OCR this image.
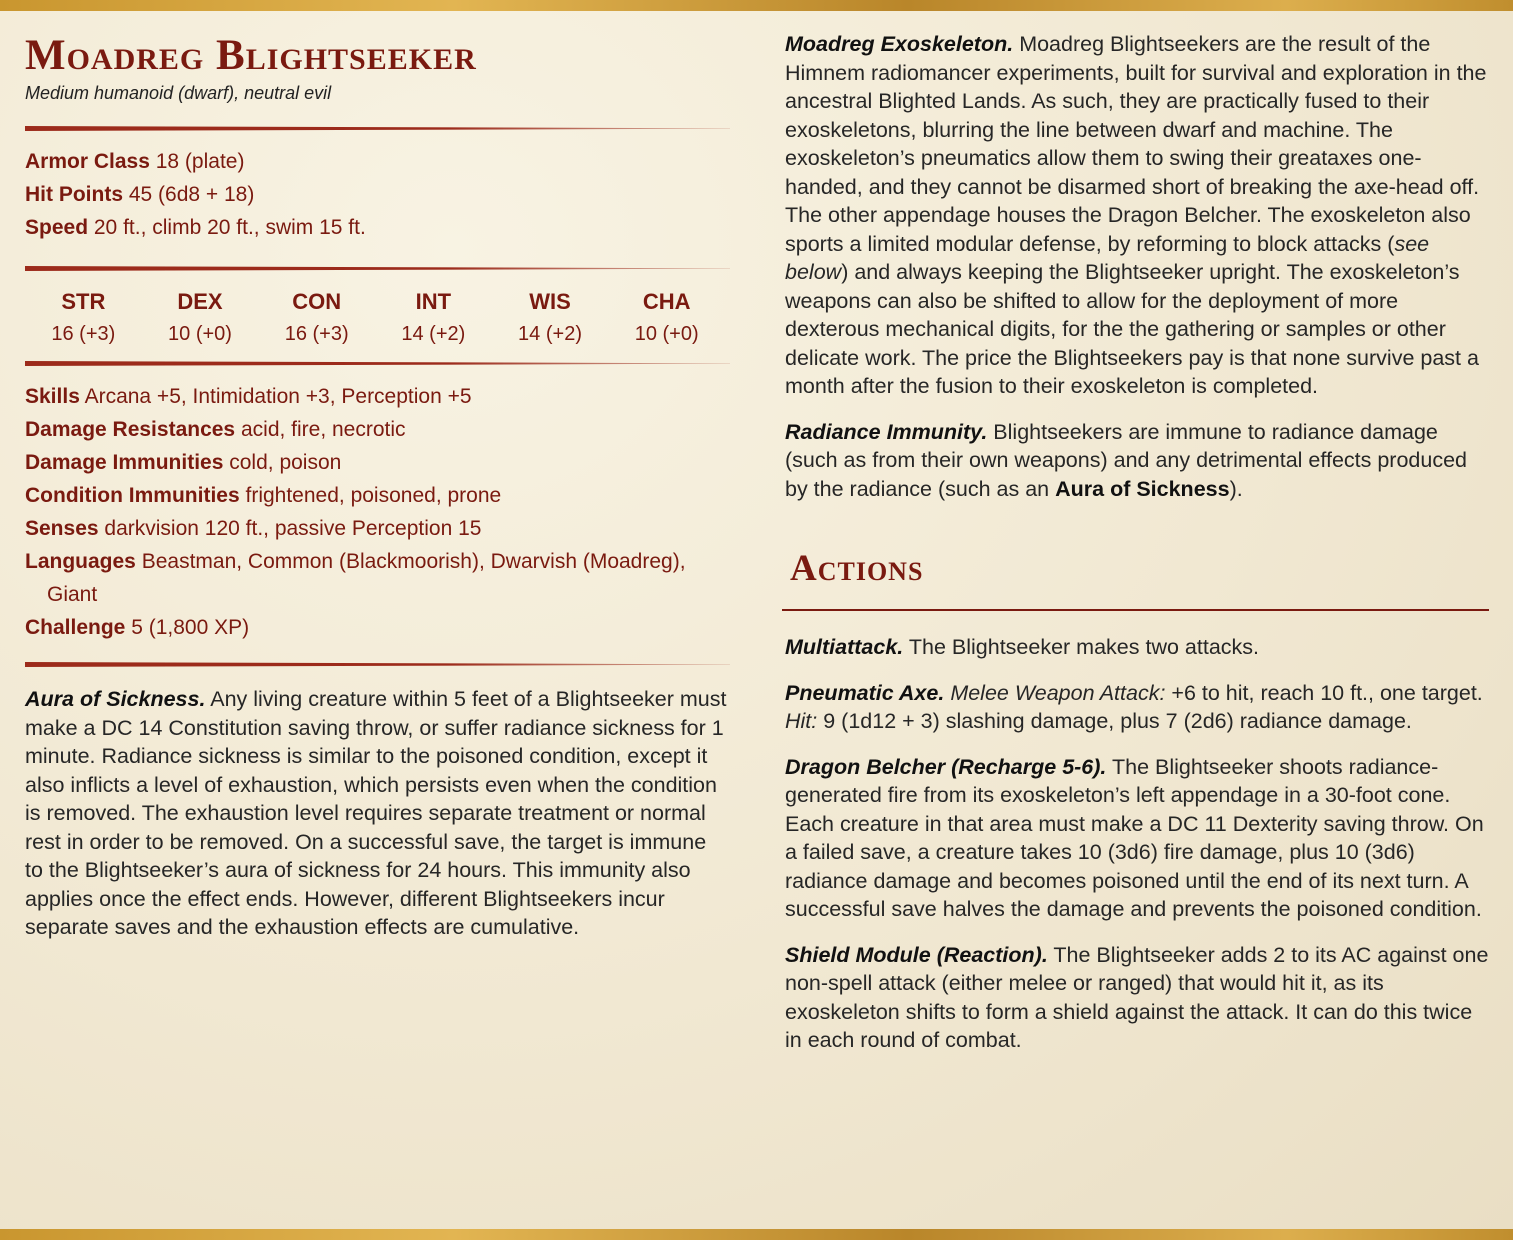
Moadreg Blightseeker
Medium humanoid (dwarf), neutral evil
Armor Class 18 (plate)
Hit Points 45 (6d8 + 18)
Speed 20 ft., climb 20 ft., swim 15 ft.
STR
16 (+3)
DEX
10 (+0)
CON
16 (+3)
INT
14 (+2)
WIS
14 (+2)
CHA
10 (+0)
Skills Arcana +5, Intimidation +3, Perception +5
Damage Resistances acid, fire, necrotic
Damage Immunities cold, poison
Condition Immunities frightened, poisoned, prone
Senses darkvision 120 ft., passive Perception 15
Languages Beastman, Common (Blackmoorish), Dwarvish (Moadreg), Giant
Challenge 5 (1,800 XP)

Aura of Sickness. Any living creature within 5 feet of a Blightseeker must make a DC 14 Constitution saving throw, or suffer radiance sickness for 1 minute. Radiance sickness is similar to the poisoned condition, except it also inflicts a level of exhaustion, which persists even when the condition is removed. The exhaustion level requires separate treatment or normal rest in order to be removed. On a successful save, the target is immune to the Blightseeker’s aura of sickness for 24 hours. This immunity also applies once the effect ends. However, different Blightseekers incur separate saves and the exhaustion effects are cumulative.

Moadreg Exoskeleton. Moadreg Blightseekers are the result of the Himnem radiomancer experiments, built for survival and exploration in the ancestral Blighted Lands. As such, they are practically fused to their exoskeletons, blurring the line between dwarf and machine. The exoskeleton’s pneumatics allow them to swing their greataxes one-handed, and they cannot be disarmed short of breaking the axe-head off. The other appendage houses the Dragon Belcher. The exoskeleton also sports a limited modular defense, by reforming to block attacks (see below) and always keeping the Blightseeker upright. The exoskeleton’s weapons can also be shifted to allow for the deployment of more dexterous mechanical digits, for the the gathering or samples or other delicate work. The price the Blightseekers pay is that none survive past a month after the fusion to their exoskeleton is completed.

Radiance Immunity. Blightseekers are immune to radiance damage (such as from their own weapons) and any detrimental effects produced by the radiance (such as an Aura of Sickness).

Actions

Multiattack. The Blightseeker makes two attacks.

Pneumatic Axe. Melee Weapon Attack: +6 to hit, reach 10 ft., one target. Hit: 9 (1d12 + 3) slashing damage, plus 7 (2d6) radiance damage.

Dragon Belcher (Recharge 5-6). The Blightseeker shoots radiance-generated fire from its exoskeleton’s left appendage in a 30-foot cone. Each creature in that area must make a DC 11 Dexterity saving throw. On a failed save, a creature takes 10 (3d6) fire damage, plus 10 (3d6) radiance damage and becomes poisoned until the end of its next turn. A successful save halves the damage and prevents the poisoned condition.

Shield Module (Reaction). The Blightseeker adds 2 to its AC against one non-spell attack (either melee or ranged) that would hit it, as its exoskeleton shifts to form a shield against the attack. It can do this twice in each round of combat.
